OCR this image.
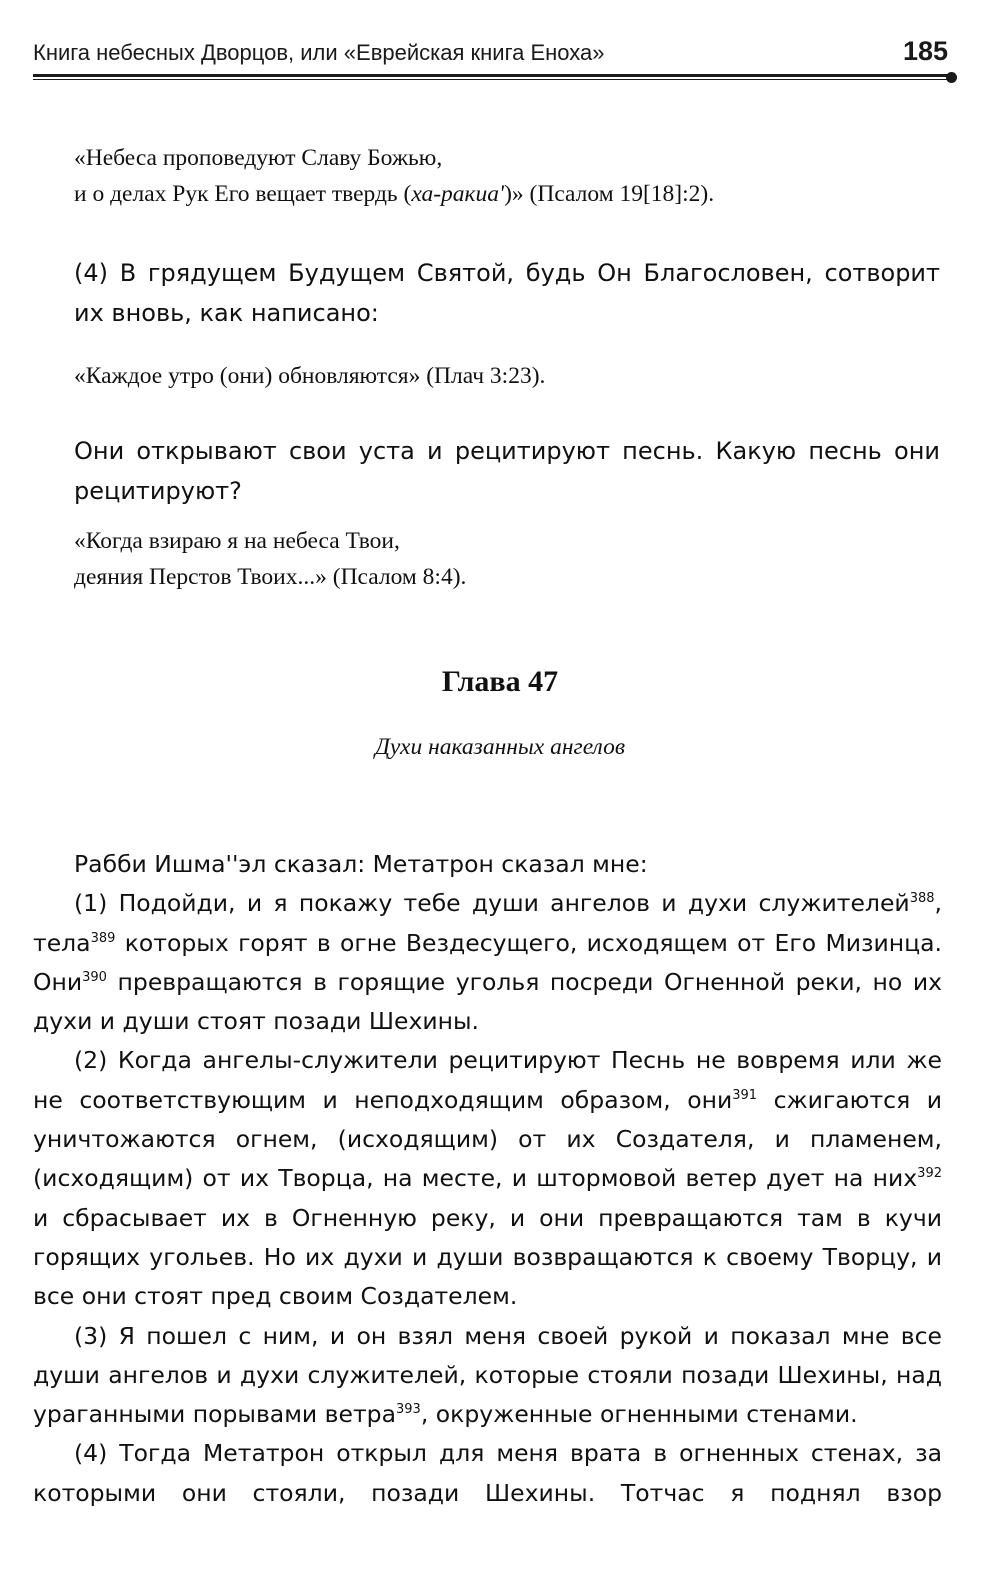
Книга небесных Дворцов, или «Еврейская книга Еноха»	185

«Небеса проповедуют Славу Божью,

и о делах Рук Его вещает твердь (ха-ракиа')» (Псалом 19[18]:2).

(4) В грядущем Будущем Святой, будь Он Благословен, сотворит их вновь, как написано:

«Каждое утро (они) обновляются» (Плач 3:23).

Они открывают свои уста и рецитируют песнь. Какую песнь они рецитируют?

«Когда взираю я на небеса Твои,

деяния Перстов Твоих...» (Псалом 8:4).

Глава 47
Духи наказанных ангелов

Рабби Ишма''эл сказал: Метатрон сказал мне:

(1) Подойди, и я покажу тебе души ангелов и духи служителей$^{388}$, тела$^{389}$ которых горят в огне Вездесущего, исходящем от Его Мизинца. Они$^{390}$ превращаются в горящие уголья посреди Огненной реки, но их духи и души стоят позади Шехины.

(2) Когда ангелы-служители рецитируют Песнь не вовремя или же не соответствующим и неподходящим образом, они$^{391}$ сжигаются и уничтожаются огнем, (исходящим) от их Создателя, и пламенем, (исходящим) от их Творца, на месте, и штормовой ветер дует на них$^{392}$ и сбрасывает их в Огненную реку, и они превращаются там в кучи горящих угольев. Но их духи и души возвращаются к своему Творцу, и все они стоят пред своим Создателем.

(3) Я пошел с ним, и он взял меня своей рукой и показал мне все души ангелов и духи служителей, которые стояли позади Шехины, над ураганными порывами ветра$^{393}$, окруженные огненными стенами.

(4) Тогда Метатрон открыл для меня врата в огненных стенах, за которыми они стояли, позади Шехины. Тотчас я поднял взор
